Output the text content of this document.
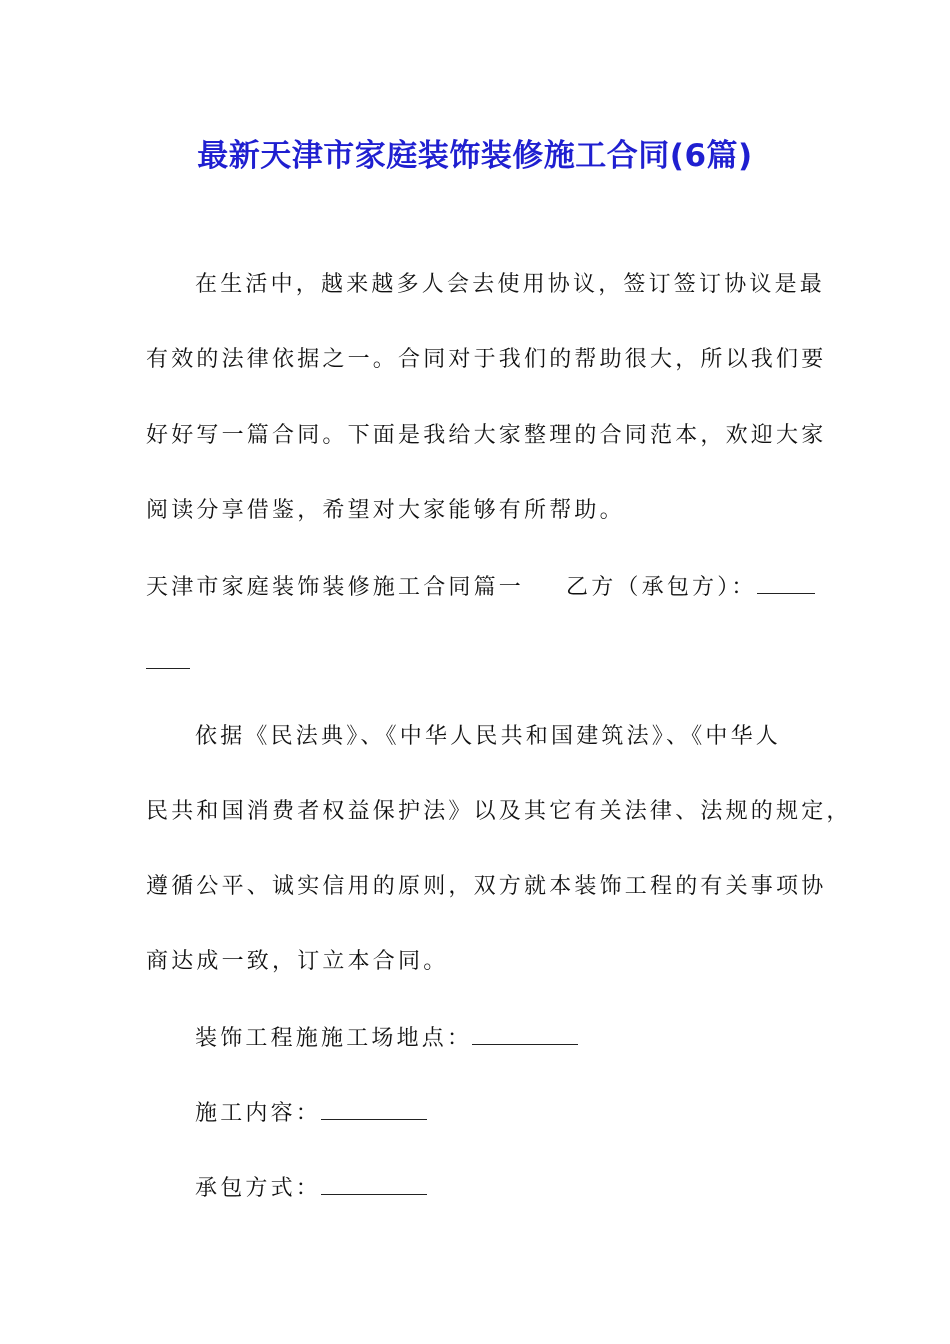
最新天津市家庭装饰装修施工合同(6篇)
在生活中，越来越多人会去使用协议，签订签订协议是最
有效的法律依据之一。合同对于我们的帮助很大，所以我们要
好好写一篇合同。下面是我给大家整理的合同范本，欢迎大家
阅读分享借鉴，希望对大家能够有所帮助。
天津市家庭装饰装修施工合同篇一 乙方（承包方）：
依据《民法典》、《中华人民共和国建筑法》、《中华人
民共和国消费者权益保护法》以及其它有关法律、法规的规定，
遵循公平、诚实信用的原则，双方就本装饰工程的有关事项协
商达成一致，订立本合同。
装饰工程施施工场地点：
施工内容：
承包方式：
